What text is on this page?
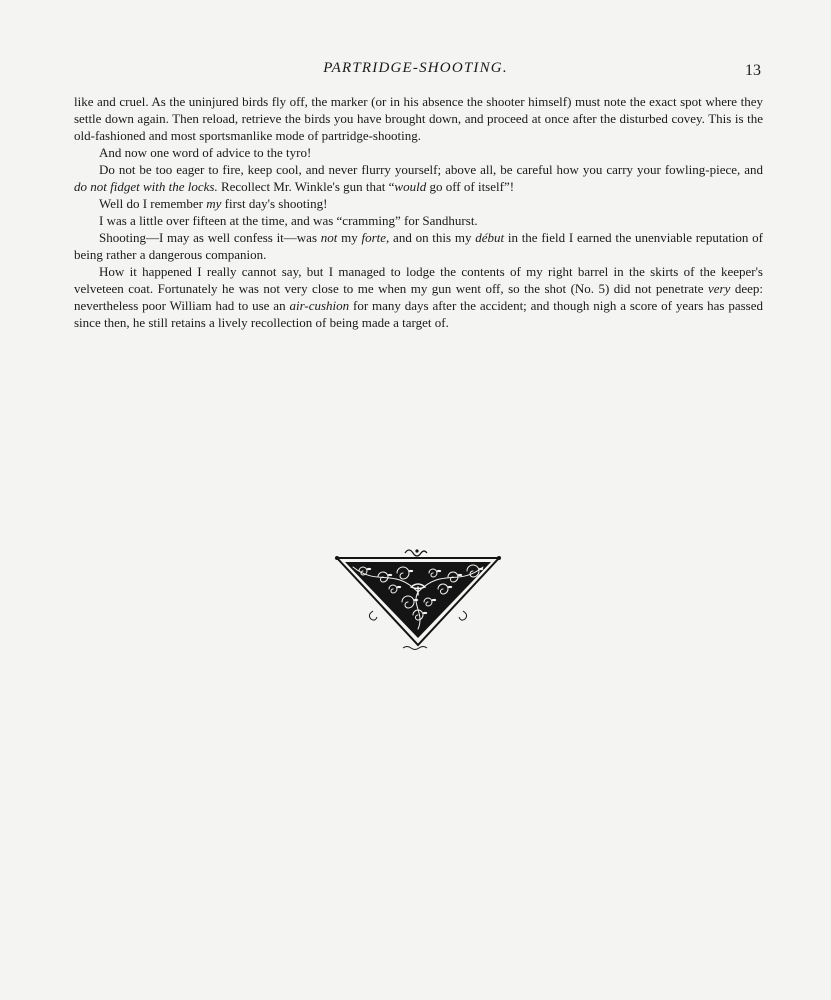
PARTRIDGE-SHOOTING.	13

like and cruel. As the uninjured birds fly off, the marker (or in his absence the shooter himself) must note the exact spot where they settle down again. Then reload, retrieve the birds you have brought down, and proceed at once after the disturbed covey. This is the old-fashioned and most sportsmanlike mode of partridge-shooting.

And now one word of advice to the tyro!

Do not be too eager to fire, keep cool, and never flurry yourself; above all, be careful how you carry your fowling-piece, and do not fidget with the locks. Recollect Mr. Winkle's gun that “would go off of itself”!

Well do I remember my first day's shooting!

I was a little over fifteen at the time, and was “cramming” for Sandhurst.

Shooting—I may as well confess it—was not my forte, and on this my début in the field I earned the unenviable reputation of being rather a dangerous companion.

How it happened I really cannot say, but I managed to lodge the contents of my right barrel in the skirts of the keeper's velveteen coat. Fortunately he was not very close to me when my gun went off, so the shot (No. 5) did not penetrate very deep: nevertheless poor William had to use an air-cushion for many days after the accident; and though nigh a score of years has passed since then, he still retains a lively recollection of being made a target of.
